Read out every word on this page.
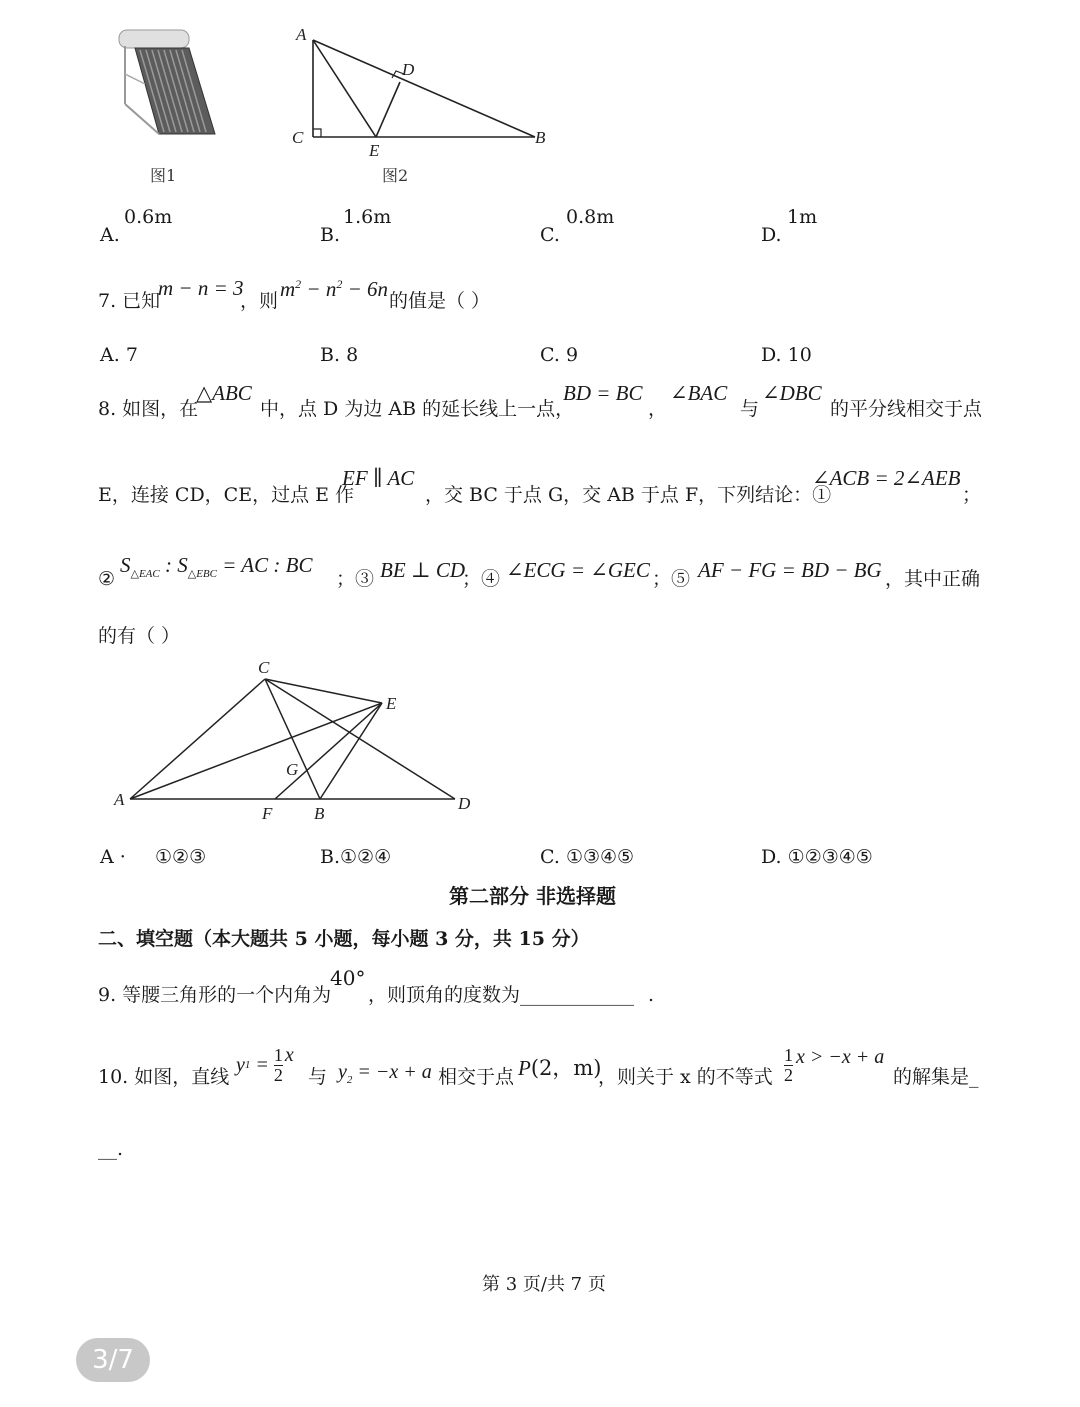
图1
A
D
C
E
B
图2
A.
0.6m
B.
1.6m
C.
0.8m
D.
1m
7. 已知
m − n = 3
，则 $m^2 - n^2 - 6n$ 的值是（ ）
A. 7	B. 8	C. 9	D. 10
8. 如图，在
△ABC
中，点 D 为边 AB 的延长线上一点，
BD = BC
，
∠BAC
与
∠DBC
的平分线相交于点
E，连接 CD，CE，过点 E 作
EF ∥ AC
，交 BC 于点 G，交 AB 于点 F，下列结论：①
∠ACB = 2∠AEB
；
②
$S_{\triangle EAC}$ : $S_{\triangle EBC}$ = AC : BC
；③ BE ⊥ CD
；④ ∠ECG = ∠GEC ；⑤ AF − FG = BD − BG ，其中正确
的有（ ）
C
E
G
A
F B
D
A · ①②③	B.①②④	C. ①③④⑤	D. ①②③④⑤
第二部分 非选择题
二、填空题（本大题共 5 小题，每小题 3 分，共 15 分）
9. 等腰三角形的一个内角为
40°
，则顶角的度数为 ____________ .
10. 如图，直线
y $1 = \frac{1}{2}$ x
与 $y_2 = -x + a$ 相交于点 P(2，m)
，则关于 x 的不等式 $\frac{1}{2}$ x > −x + a
的解集是_
__.
第 3 页/共 7 页
3/7
